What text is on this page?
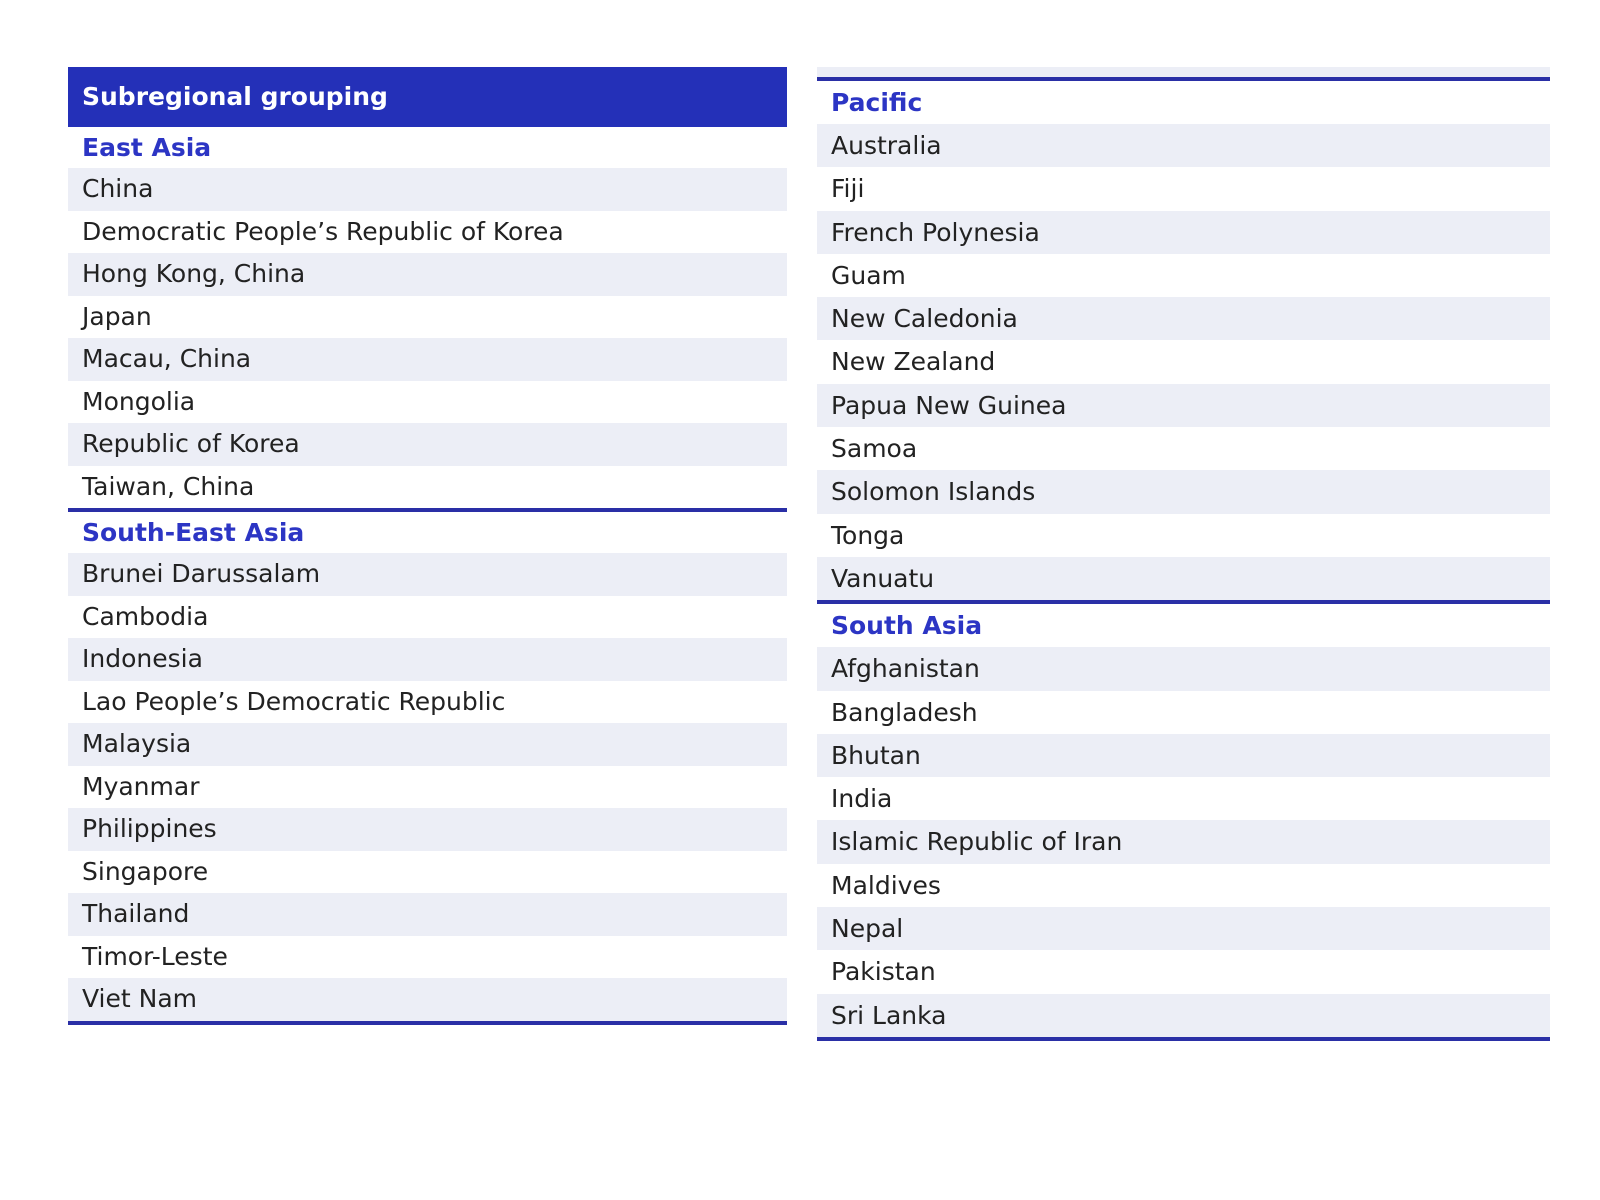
Subregional grouping
East Asia
China
Democratic People’s Republic of Korea
Hong Kong, China
Japan
Macau, China
Mongolia
Republic of Korea
Taiwan, China
South-East Asia
Brunei Darussalam
Cambodia
Indonesia
Lao People’s Democratic Republic
Malaysia
Myanmar
Philippines
Singapore
Thailand
Timor-Leste
Viet Nam
Pacific
Australia
Fiji
French Polynesia
Guam
New Caledonia
New Zealand
Papua New Guinea
Samoa
Solomon Islands
Tonga
Vanuatu
South Asia
Afghanistan
Bangladesh
Bhutan
India
Islamic Republic of Iran
Maldives
Nepal
Pakistan
Sri Lanka
